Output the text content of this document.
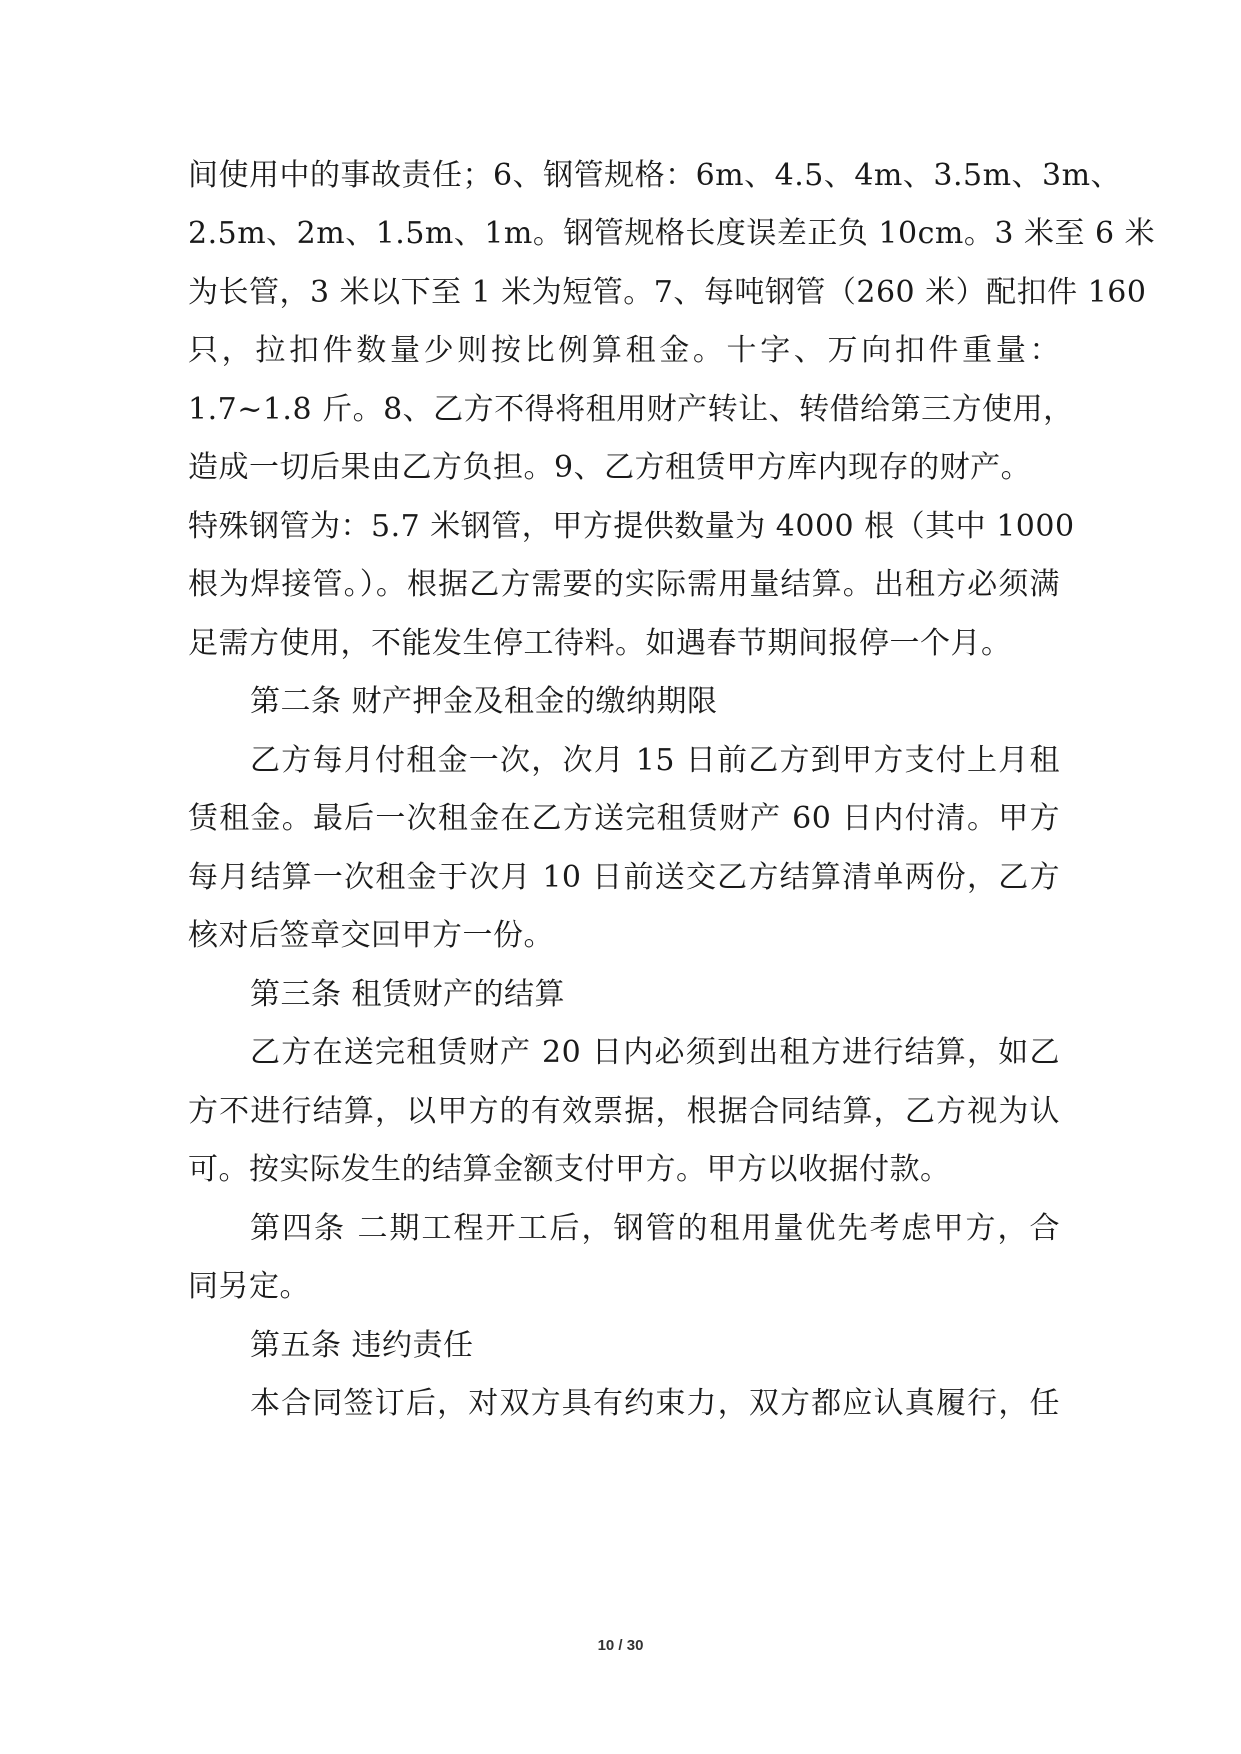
间使用中的事故责任；6、钢管规格：6m、4.5、4m、3.5m、3m、
2.5m、2m、1.5m、1m。钢管规格长度误差正负 10cm。3 米至 6 米
为长管，3 米以下至 1 米为短管。7、每吨钢管（260 米）配扣件 160
只，拉扣件数量少则按比例算租金。十字、万向扣件重量：
1.7~1.8 斤。8、乙方不得将租用财产转让、转借给第三方使用，
造成一切后果由乙方负担。9、乙方租赁甲方库内现存的财产。
特殊钢管为：5.7 米钢管，甲方提供数量为 4000 根（其中 1000
根为焊接管。）。根据乙方需要的实际需用量结算。出租方必须满
足需方使用，不能发生停工待料。如遇春节期间报停一个月。
第二条 财产押金及租金的缴纳期限
乙方每月付租金一次，次月 15 日前乙方到甲方支付上月租
赁租金。最后一次租金在乙方送完租赁财产 60 日内付清。甲方
每月结算一次租金于次月 10 日前送交乙方结算清单两份，乙方
核对后签章交回甲方一份。
第三条 租赁财产的结算
乙方在送完租赁财产 20 日内必须到出租方进行结算，如乙
方不进行结算，以甲方的有效票据，根据合同结算，乙方视为认
可。按实际发生的结算金额支付甲方。甲方以收据付款。
第四条 二期工程开工后，钢管的租用量优先考虑甲方，合
同另定。
第五条 违约责任
本合同签订后，对双方具有约束力，双方都应认真履行，任
10 / 30
